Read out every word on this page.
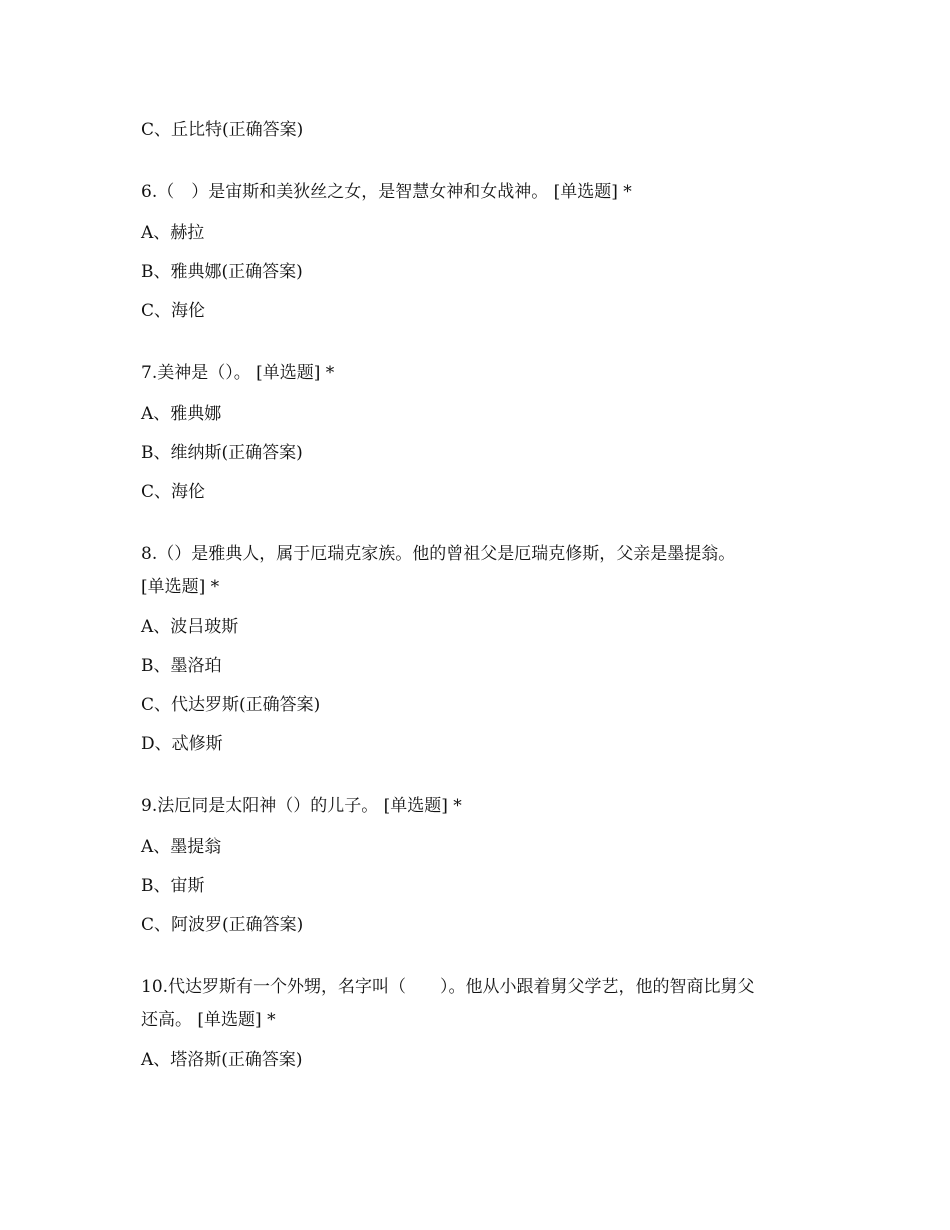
C、丘比特(正确答案)
6.（　）是宙斯和美狄丝之女，是智慧女神和女战神。 [单选题] *
A、赫拉
B、雅典娜(正确答案)
C、海伦
7.美神是（）。 [单选题] *
A、雅典娜
B、维纳斯(正确答案)
C、海伦
8.（）是雅典人，属于厄瑞克家族。他的曾祖父是厄瑞克修斯，父亲是墨提翁。
[单选题] *
A、波吕玻斯
B、墨洛珀
C、代达罗斯(正确答案)
D、忒修斯
9.法厄同是太阳神（）的儿子。 [单选题] *
A、墨提翁
B、宙斯
C、阿波罗(正确答案)
10.代达罗斯有一个外甥，名字叫（　　）。他从小跟着舅父学艺，他的智商比舅父
还高。 [单选题] *
A、塔洛斯(正确答案)
